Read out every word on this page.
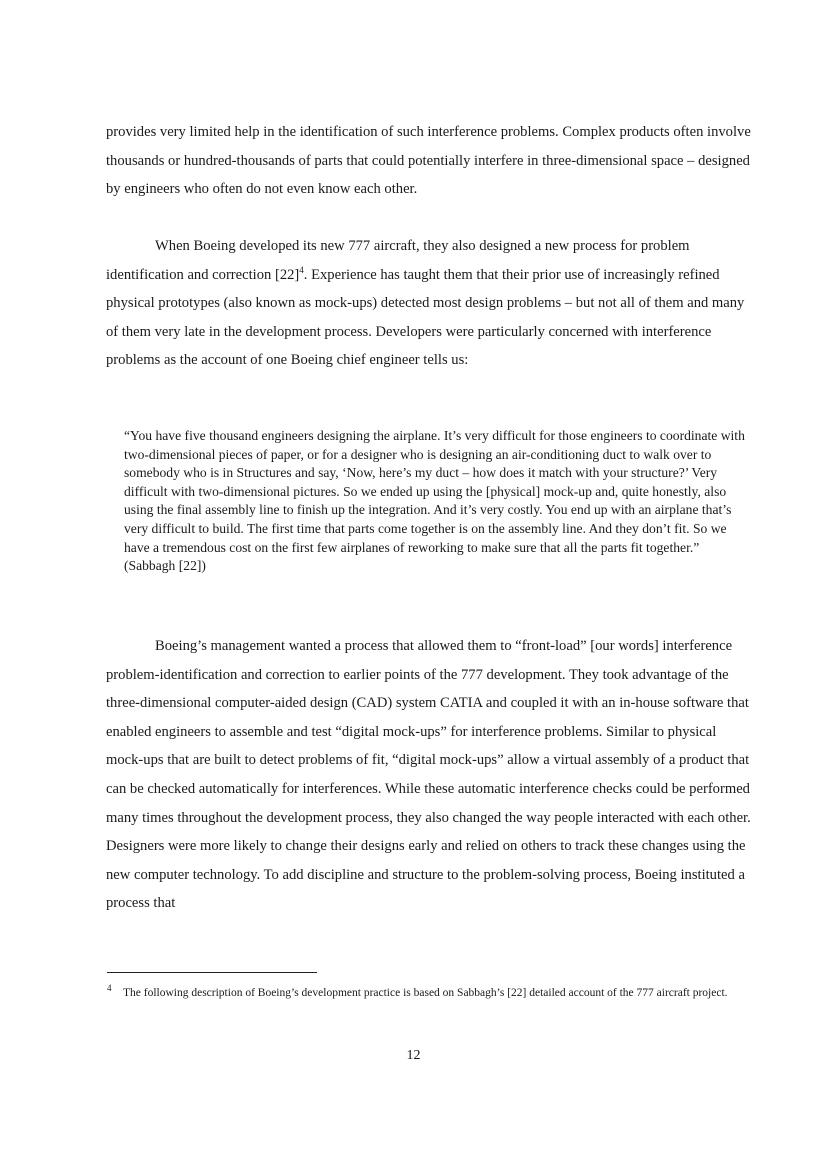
provides very limited help in the identification of such interference problems. Complex products often involve thousands or hundred-thousands of parts that could potentially interfere in three-dimensional space – designed by engineers who often do not even know each other.

When Boeing developed its new 777 aircraft, they also designed a new process for problem identification and correction $[22]^4$. Experience has taught them that their prior use of increasingly refined physical prototypes (also known as mock-ups) detected most design problems – but not all of them and many of them very late in the development process. Developers were particularly concerned with interference problems as the account of one Boeing chief engineer tells us:

“You have five thousand engineers designing the airplane. It’s very difficult for those engineers to coordinate with two-dimensional pieces of paper, or for a designer who is designing an air-conditioning duct to walk over to somebody who is in Structures and say, ‘Now, here’s my duct – how does it match with your structure?’ Very difficult with two-dimensional pictures. So we ended up using the [physical] mock-up and, quite honestly, also using the final assembly line to finish up the integration. And it’s very costly. You end up with an airplane that’s very difficult to build. The first time that parts come together is on the assembly line. And they don’t fit. So we have a tremendous cost on the first few airplanes of reworking to make sure that all the parts fit together.” (Sabbagh [22])

Boeing’s management wanted a process that allowed them to “front-load” [our words] interference problem-identification and correction to earlier points of the 777 development. They took advantage of the three-dimensional computer-aided design (CAD) system CATIA and coupled it with an in-house software that enabled engineers to assemble and test “digital mock-ups” for interference problems. Similar to physical mock-ups that are built to detect problems of fit, “digital mock-ups” allow a virtual assembly of a product that can be checked automatically for interferences. While these automatic interference checks could be performed many times throughout the development process, they also changed the way people interacted with each other. Designers were more likely to change their designs early and relied on others to track these changes using the new computer technology. To add discipline and structure to the problem-solving process, Boeing instituted a process that

$^4$ The following description of Boeing’s development practice is based on Sabbagh’s [22] detailed account of the 777 aircraft project.

12
